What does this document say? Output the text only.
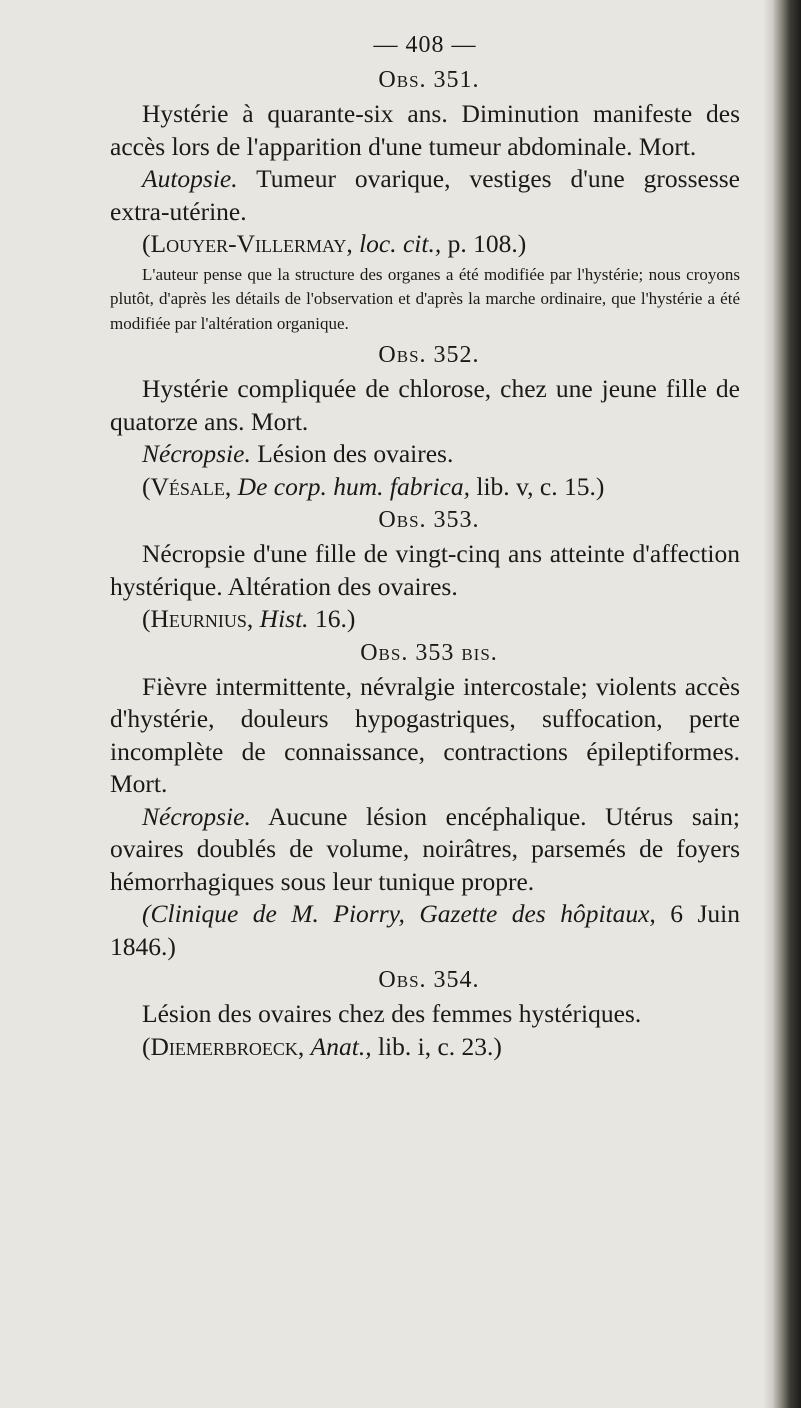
— 408 —
Obs. 351.

Hystérie à quarante-six ans. Diminution manifeste des accès lors de l'apparition d'une tumeur abdominale. Mort.

Autopsie. Tumeur ovarique, vestiges d'une grossesse extra-utérine.

(Louyer-Villermay, loc. cit., p. 108.)

L'auteur pense que la structure des organes a été modifiée par l'hystérie; nous croyons plutôt, d'après les détails de l'observation et d'après la marche ordinaire, que l'hystérie a été modifiée par l'altération organique.

Obs. 352.

Hystérie compliquée de chlorose, chez une jeune fille de quatorze ans. Mort.

Nécropsie. Lésion des ovaires.

(Vésale, De corp. hum. fabrica, lib. v, c. 15.)

Obs. 353.

Nécropsie d'une fille de vingt-cinq ans atteinte d'affection hystérique. Altération des ovaires.

(Heurnius, Hist. 16.)

Obs. 353 bis.

Fièvre intermittente, névralgie intercostale; violents accès d'hystérie, douleurs hypogastriques, suffocation, perte incomplète de connaissance, contractions épileptiformes. Mort.

Nécropsie. Aucune lésion encéphalique. Utérus sain; ovaires doublés de volume, noirâtres, parsemés de foyers hémorrhagiques sous leur tunique propre.

(Clinique de M. Piorry, Gazette des hôpitaux, 6 Juin 1846.)

Obs. 354.

Lésion des ovaires chez des femmes hystériques.

(Diemerbroeck, Anat., lib. i, c. 23.)
